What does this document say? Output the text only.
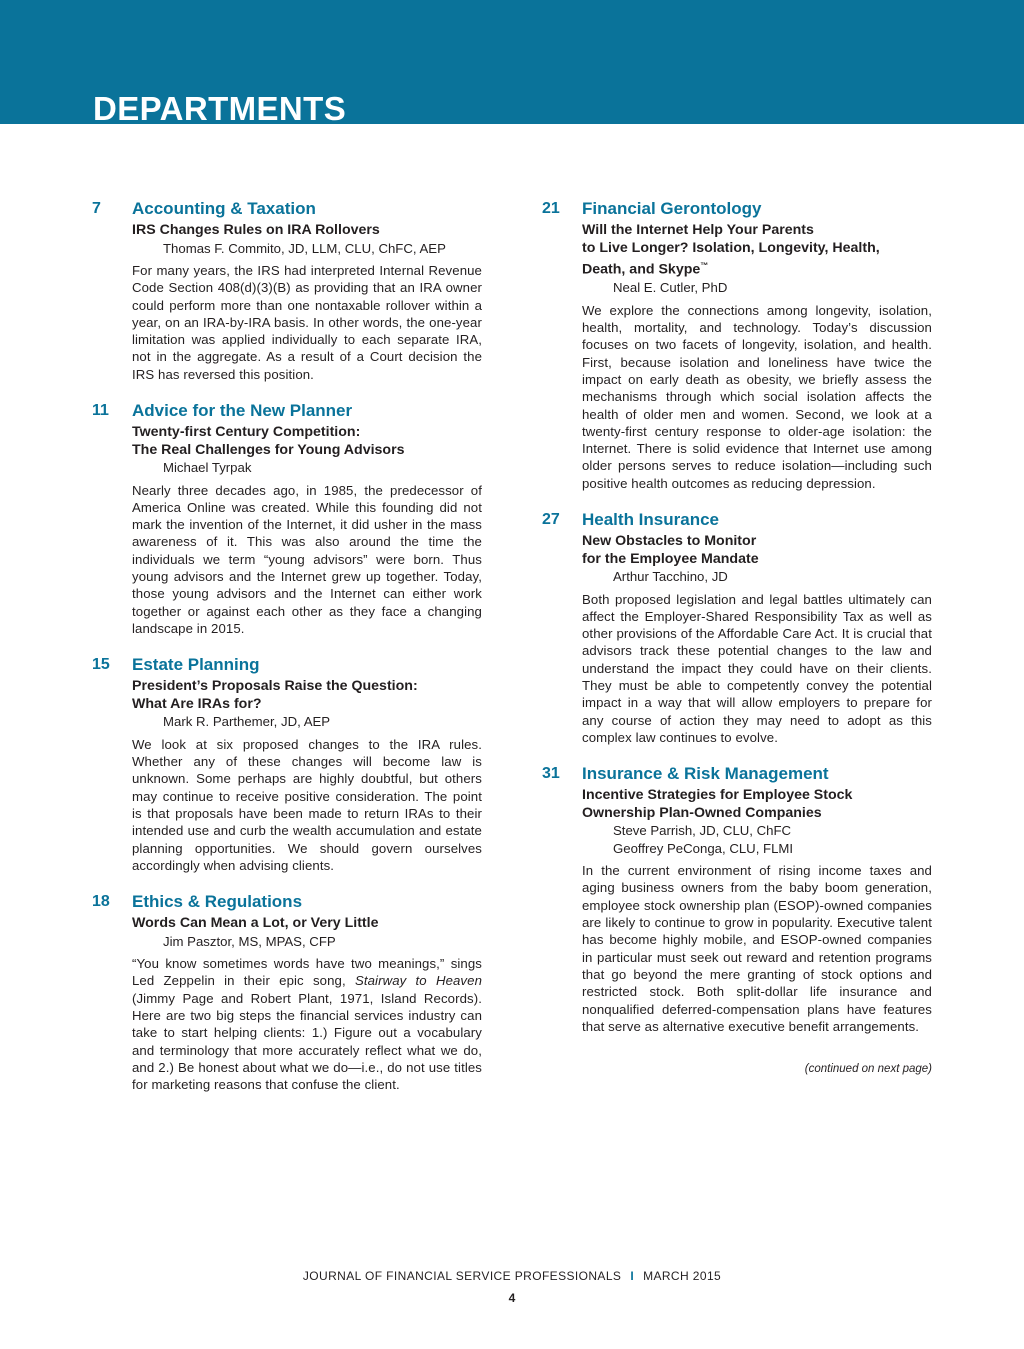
DEPARTMENTS
7 Accounting & Taxation
IRS Changes Rules on IRA Rollovers
Thomas F. Commito, JD, LLM, CLU, ChFC, AEP
For many years, the IRS had interpreted Internal Revenue Code Section 408(d)(3)(B) as providing that an IRA owner could perform more than one nontaxable rollover within a year, on an IRA-by-IRA basis. In other words, the one-year limitation was applied individually to each separate IRA, not in the aggregate. As a result of a Court decision the IRS has reversed this position.
11 Advice for the New Planner
Twenty-first Century Competition:
The Real Challenges for Young Advisors
Michael Tyrpak
Nearly three decades ago, in 1985, the predecessor of America Online was created. While this founding did not mark the invention of the Internet, it did usher in the mass awareness of it. This was also around the time the individuals we term “young advisors” were born. Thus young advisors and the Internet grew up together. Today, those young advisors and the Internet can either work together or against each other as they face a changing landscape in 2015.
15 Estate Planning
President’s Proposals Raise the Question:
What Are IRAs for?
Mark R. Parthemer, JD, AEP
We look at six proposed changes to the IRA rules. Whether any of these changes will become law is unknown. Some perhaps are highly doubtful, but others may continue to receive positive consideration. The point is that proposals have been made to return IRAs to their intended use and curb the wealth accumulation and estate planning opportunities. We should govern ourselves accordingly when advising clients.
18 Ethics & Regulations
Words Can Mean a Lot, or Very Little
Jim Pasztor, MS, MPAS, CFP
“You know sometimes words have two meanings,” sings Led Zeppelin in their epic song, Stairway to Heaven (Jimmy Page and Robert Plant, 1971, Island Records). Here are two big steps the financial services industry can take to start helping clients: 1.) Figure out a vocabulary and terminology that more accurately reflect what we do, and 2.) Be honest about what we do—i.e., do not use titles for marketing reasons that confuse the client.
21 Financial Gerontology
Will the Internet Help Your Parents
to Live Longer? Isolation, Longevity, Health,
Death, and Skype™
Neal E. Cutler, PhD
We explore the connections among longevity, isolation, health, mortality, and technology. Today’s discussion focuses on two facets of longevity, isolation, and health. First, because isolation and loneliness have twice the impact on early death as obesity, we briefly assess the mechanisms through which social isolation affects the health of older men and women. Second, we look at a twenty-first century response to older-age isolation: the Internet. There is solid evidence that Internet use among older persons serves to reduce isolation—including such positive health outcomes as reducing depression.
27 Health Insurance
New Obstacles to Monitor
for the Employee Mandate
Arthur Tacchino, JD
Both proposed legislation and legal battles ultimately can affect the Employer-Shared Responsibility Tax as well as other provisions of the Affordable Care Act. It is crucial that advisors track these potential changes to the law and understand the impact they could have on their clients. They must be able to competently convey the potential impact in a way that will allow employers to prepare for any course of action they may need to adopt as this complex law continues to evolve.
31 Insurance & Risk Management
Incentive Strategies for Employee Stock
Ownership Plan-Owned Companies
Steve Parrish, JD, CLU, ChFC
Geoffrey PeConga, CLU, FLMI
In the current environment of rising income taxes and aging business owners from the baby boom generation, employee stock ownership plan (ESOP)-owned companies are likely to continue to grow in popularity. Executive talent has become highly mobile, and ESOP-owned companies in particular must seek out reward and retention programs that go beyond the mere granting of stock options and restricted stock. Both split-dollar life insurance and nonqualified deferred-compensation plans have features that serve as alternative executive benefit arrangements.
(continued on next page)
JOURNAL OF FINANCIAL SERVICE PROFESSIONALS I MARCH 2015
4
